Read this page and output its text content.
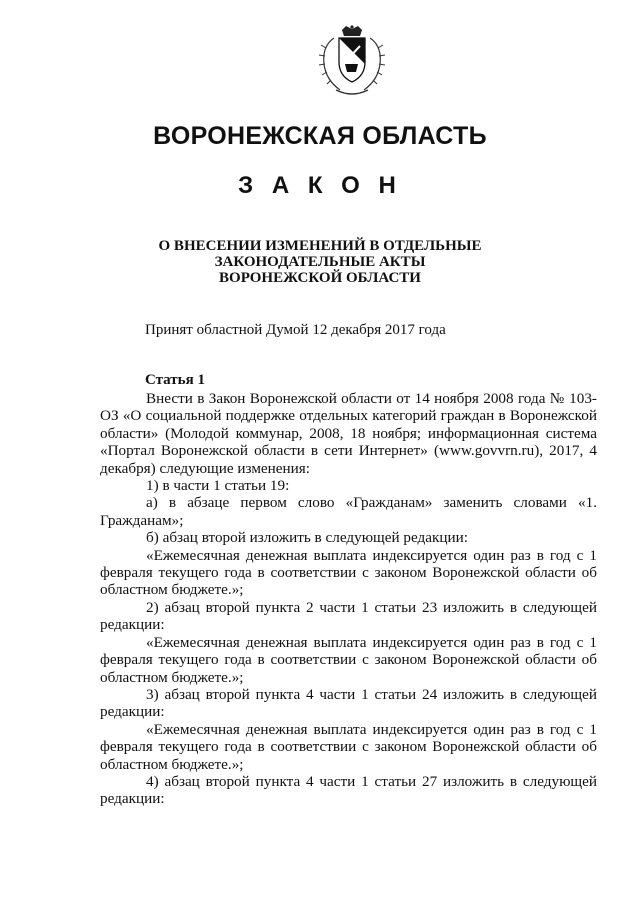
ВОРОНЕЖСКАЯ ОБЛАСТЬ
З А К О Н
О ВНЕСЕНИИ ИЗМЕНЕНИЙ В ОТДЕЛЬНЫЕ
ЗАКОНОДАТЕЛЬНЫЕ АКТЫ
ВОРОНЕЖСКОЙ ОБЛАСТИ
Принят областной Думой 12 декабря 2017 года
Статья 1

Внести в Закон Воронежской области от 14 ноября 2008 года № 103-ОЗ «О социальной поддержке отдельных категорий граждан в Воронежской области» (Молодой коммунар, 2008, 18 ноября; информационная система «Портал Воронежской области в сети Интернет» (www.govvrn.ru), 2017, 4 декабря) следующие изменения:

1) в части 1 статьи 19:

а) в абзаце первом слово «Гражданам» заменить словами «1. Гражданам»;

б) абзац второй изложить в следующей редакции:

«Ежемесячная денежная выплата индексируется один раз в год с 1 февраля текущего года в соответствии с законом Воронежской области об областном бюджете.»;

2) абзац второй пункта 2 части 1 статьи 23 изложить в следующей редакции:

«Ежемесячная денежная выплата индексируется один раз в год с 1 февраля текущего года в соответствии с законом Воронежской области об областном бюджете.»;

3) абзац второй пункта 4 части 1 статьи 24 изложить в следующей редакции:

«Ежемесячная денежная выплата индексируется один раз в год с 1 февраля текущего года в соответствии с законом Воронежской области об областном бюджете.»;

4) абзац второй пункта 4 части 1 статьи 27 изложить в следующей редакции:
